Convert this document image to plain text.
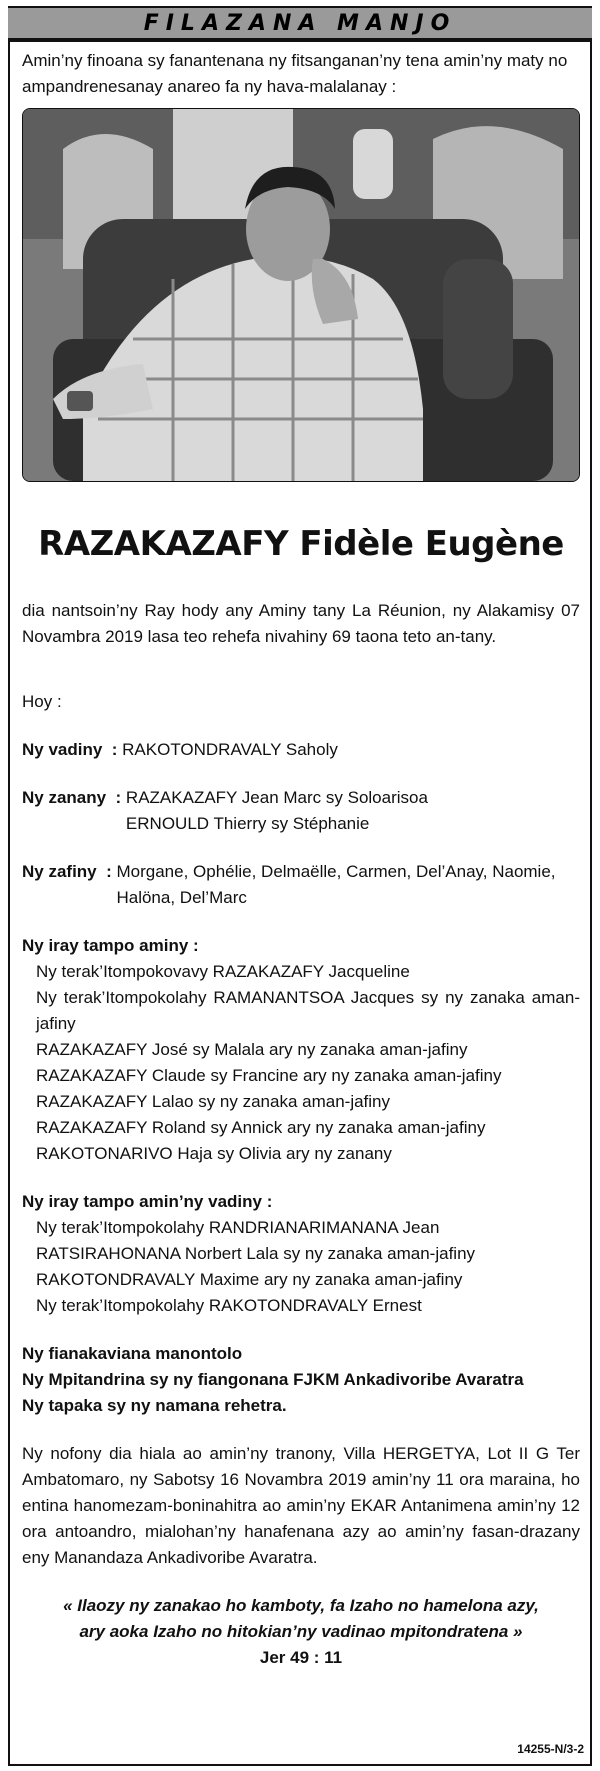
FILAZANA MANJO

Amin’ny finoana sy fanantenana ny fitsanganan’ny tena amin’ny maty no ampandrenesanay anareo fa ny hava-malalanay :

RAZAKAZAFY Fidèle Eugène

dia nantsoin’ny Ray hody any Aminy tany La Réunion, ny Alakamisy 07 Novambra 2019 lasa teo rehefa nivahiny 69 taona teto an-tany.

Hoy :
Ny vadiny  : RAKOTONDRAVALY Saholy
Ny zanany  : RAZAKAZAFY Jean Marc sy Soloarisoa
ERNOULD Thierry sy Stéphanie
Ny zafiny  : Morgane, Ophélie, Delmaëlle, Carmen, Del’Anay, Naomie,
Halöna, Del’Marc
Ny iray tampo aminy :
Ny terak’Itompokovavy RAZAKAZAFY Jacqueline
Ny terak’Itompokolahy RAMANANTSOA Jacques sy ny zanaka aman-jafiny
RAZAKAZAFY José sy Malala ary ny zanaka aman-jafiny
RAZAKAZAFY Claude sy Francine ary ny zanaka aman-jafiny
RAZAKAZAFY Lalao sy ny zanaka aman-jafiny
RAZAKAZAFY Roland sy Annick ary ny zanaka aman-jafiny
RAKOTONARIVO Haja sy Olivia ary ny zanany
Ny iray tampo amin’ny vadiny :
Ny terak’Itompokolahy RANDRIANARIMANANA Jean
RATSIRAHONANA Norbert Lala sy ny zanaka aman-jafiny
RAKOTONDRAVALY Maxime ary ny zanaka aman-jafiny
Ny terak’Itompokolahy RAKOTONDRAVALY Ernest
Ny fianakaviana manontolo
Ny Mpitandrina sy ny fiangonana FJKM Ankadivoribe Avaratra
Ny tapaka sy ny namana rehetra.

Ny nofony dia hiala ao amin’ny tranony, Villa HERGETYA, Lot II G Ter Ambatomaro, ny Sabotsy 16 Novambra 2019 amin’ny 11 ora maraina, ho entina hanomezam-boninahitra ao amin’ny EKAR Antanimena amin’ny 12 ora antoandro, mialohan’ny hanafenana azy ao amin’ny fasan-drazany eny Manandaza Ankadivoribe Avaratra.

« Ilaozy ny zanakao ho kamboty, fa Izaho no hamelona azy,
ary aoka Izaho no hitokian’ny vadinao mpitondratena »
Jer 49 : 11
14255-N/3-2
